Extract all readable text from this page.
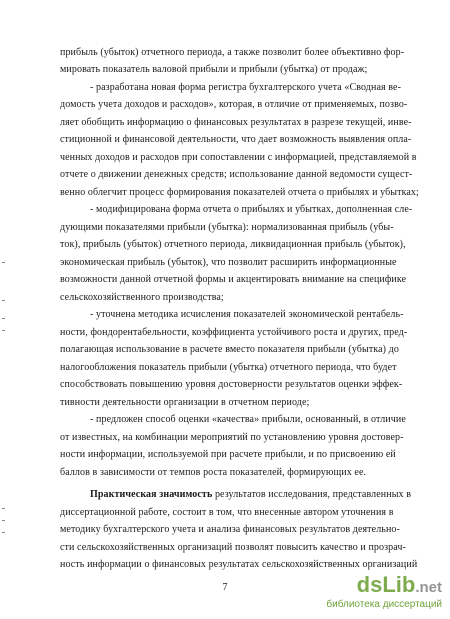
прибыль (убыток) отчетного периода, а также позволит более объективно фор-
мировать показатель валовой прибыли и прибыли (убытка) от продаж;
- разработана новая форма регистра бухгалтерского учета «Сводная ве-
домость учета доходов и расходов», которая, в отличие от применяемых, позво-
ляет обобщить информацию о финансовых результатах в разрезе текущей, инве-
стиционной и финансовой деятельности, что дает возможность выявления опла-
ченных доходов и расходов при сопоставлении с информацией, представляемой в
отчете о движении денежных средств; использование данной ведомости сущест-
венно облегчит процесс формирования показателей отчета о прибылях и убытках;
- модифицирована форма отчета о прибылях и убытках, дополненная сле-
дующими показателями прибыли (убытка): нормализованная прибыль (убы-
ток), прибыль (убыток) отчетного периода, ликвидационная прибыль (убыток),
экономическая прибыль (убыток), что позволит расширить информационные
возможности данной отчетной формы и акцентировать внимание на специфике
сельскохозяйственного производства;
- уточнена методика исчисления показателей экономической рентабель-
ности, фондорентабельности, коэффициента устойчивого роста и других, пред-
полагающая использование в расчете вместо показателя прибыли (убытка) до
налогообложения показатель прибыли (убытка) отчетного периода, что будет
способствовать повышению уровня достоверности результатов оценки эффек-
тивности деятельности организации в отчетном периоде;
- предложен способ оценки «качества» прибыли, основанный, в отличие
от известных, на комбинации мероприятий по установлению уровня достовер-
ности информации, используемой при расчете прибыли, и по присвоению ей
баллов в зависимости от темпов роста показателей, формирующих ее.
Практическая значимость результатов исследования, представленных в
диссертационной работе, состоит в том, что внесенные автором уточнения в
методику бухгалтерского учета и анализа финансовых результатов деятельно-
сти сельскохозяйственных организаций позволят повысить качество и прозрач-
ность информации о финансовых результатах сельскохозяйственных организаций
7	dsLib.net
библиотека диссертаций
